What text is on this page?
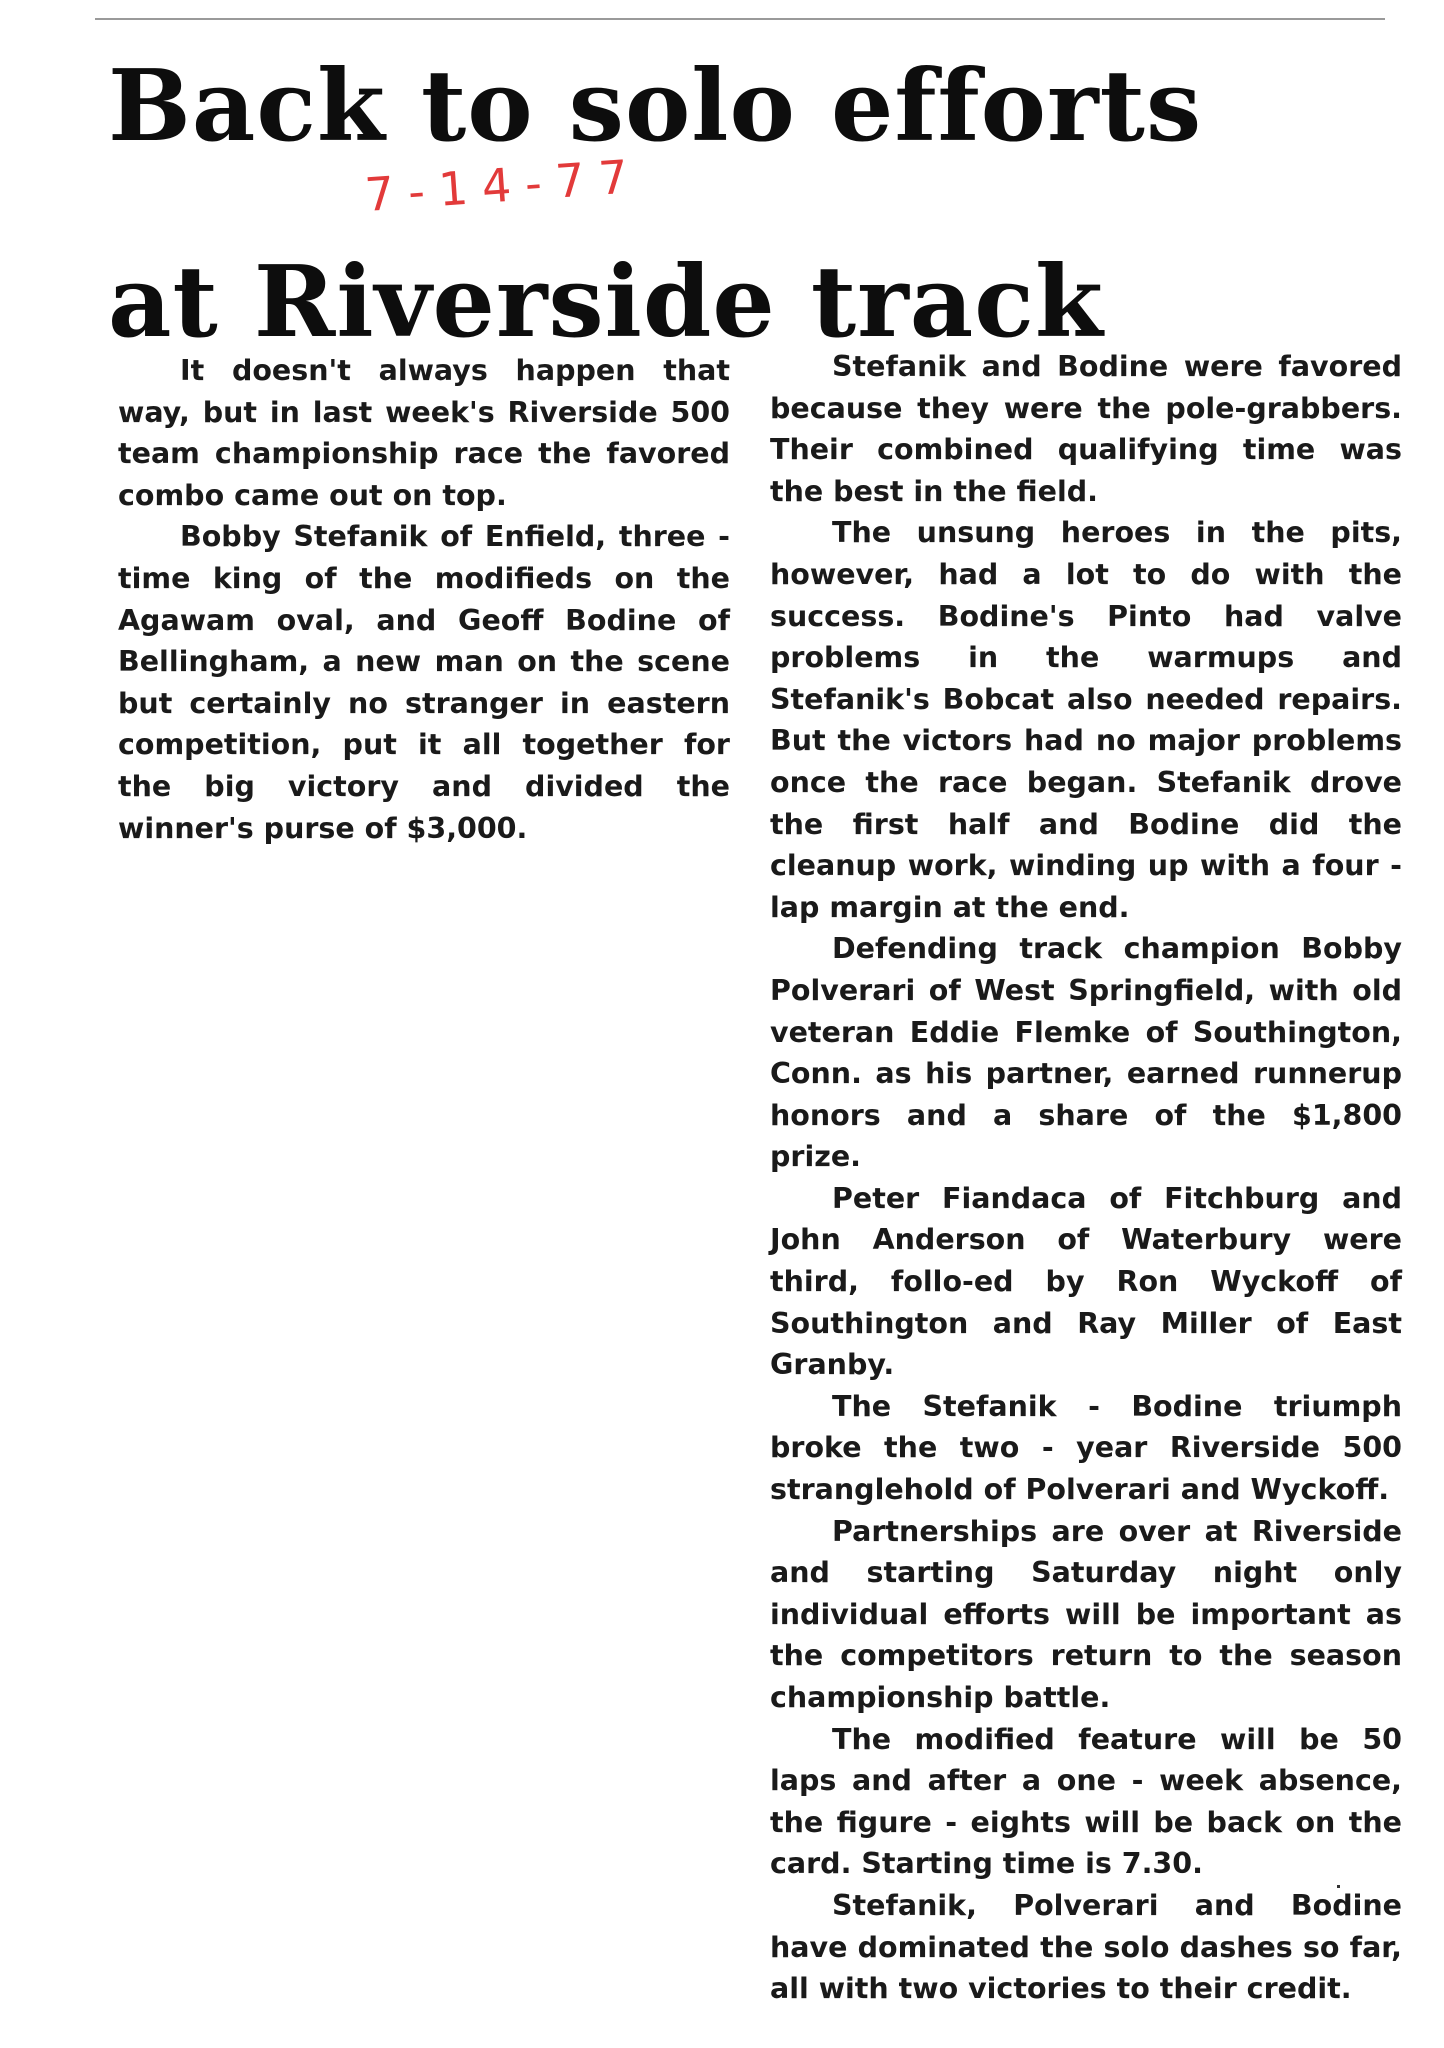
Back to solo efforts
at Riverside track
7-14-77

It doesn't always happen that way, but in last week's Riverside 500 team championship race the favored combo came out on top.

Bobby Stefanik of Enfield, three - time king of the modifieds on the Agawam oval, and Geoff Bodine of Bellingham, a new man on the scene but certainly no stranger in eastern competition, put it all together for the big victory and divided the winner's purse of $3,000.

Stefanik and Bodine were favored because they were the pole-grabbers. Their combined qualifying time was the best in the field.

The unsung heroes in the pits, however, had a lot to do with the success. Bodine's Pinto had valve problems in the warmups and Stefanik's Bobcat also needed repairs. But the victors had no major problems once the race began. Stefanik drove the first half and Bodine did the cleanup work, winding up with a four - lap margin at the end.

Defending track champion Bobby Polverari of West Springfield, with old veteran Eddie Flemke of Southington, Conn. as his partner, earned runnerup honors and a share of the $1,800 prize.

Peter Fiandaca of Fitchburg and John Anderson of Waterbury were third, follo-ed by Ron Wyckoff of Southington and Ray Miller of East Granby.

The Stefanik - Bodine triumph broke the two - year Riverside 500 stranglehold of Polverari and Wyckoff.

Partnerships are over at Riverside and starting Saturday night only individual efforts will be important as the competitors return to the season championship battle.

The modified feature will be 50 laps and after a one - week absence, the figure - eights will be back on the card. Starting time is 7.30.

Stefanik, Polverari and Bodine have dominated the solo dashes so far, all with two victories to their credit.
